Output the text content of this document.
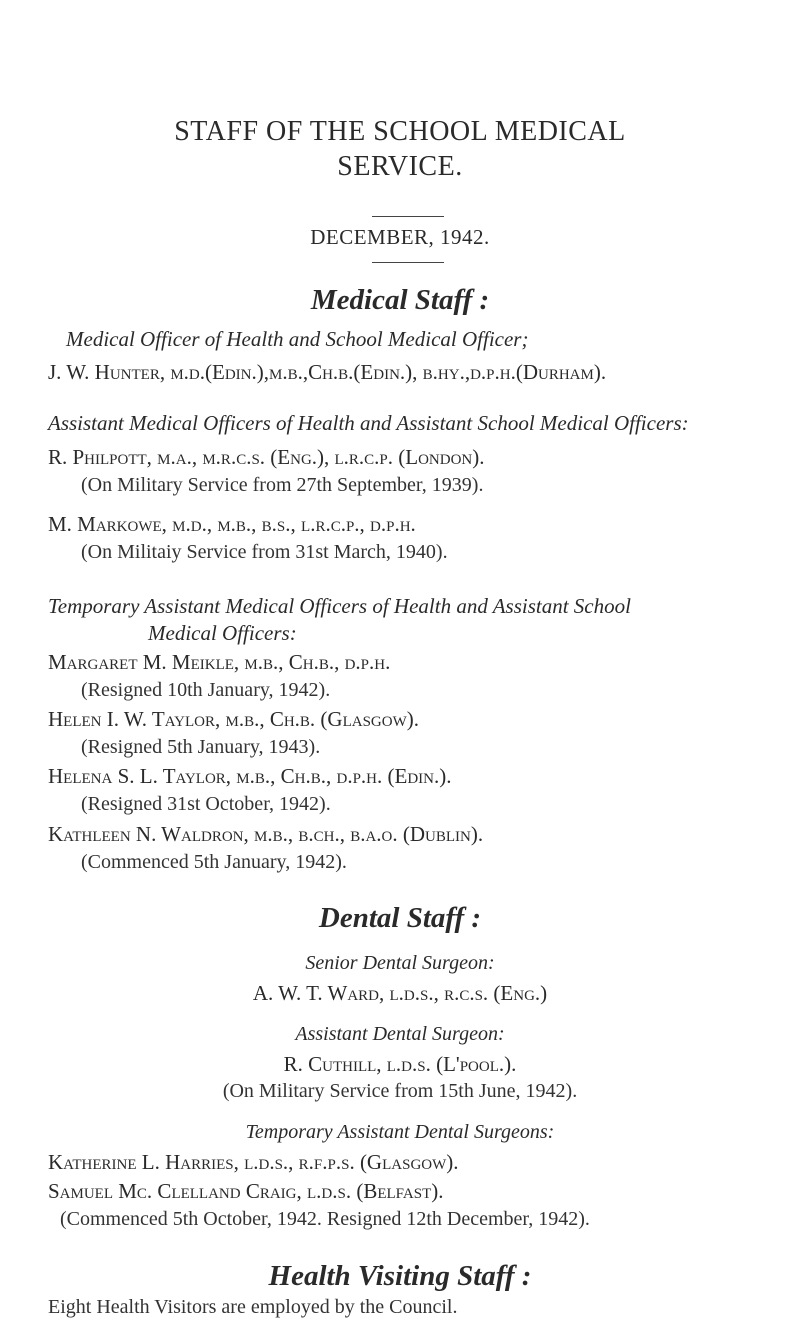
STAFF OF THE SCHOOL MEDICAL
SERVICE.
DECEMBER, 1942.
Medical Staff :
Medical Officer of Health and School Medical Officer;
J. W. Hunter, m.d.(Edin.),m.b.,Ch.b.(Edin.), b.hy.,d.p.h.(Durham).
Assistant Medical Officers of Health and Assistant School Medical Officers:
R. Philpott, m.a., m.r.c.s. (Eng.), l.r.c.p. (London).
(On Military Service from 27th September, 1939).
M. Markowe, m.d., m.b., b.s., l.r.c.p., d.p.h.
(On Militaiy Service from 31st March, 1940).
Temporary Assistant Medical Officers of Health and Assistant School
Medical Officers:
Margaret M. Meikle, m.b., Ch.b., d.p.h.
(Resigned 10th January, 1942).
Helen I. W. Taylor, m.b., Ch.b. (Glasgow).
(Resigned 5th January, 1943).
Helena S. L. Taylor, m.b., Ch.b., d.p.h. (Edin.).
(Resigned 31st October, 1942).
Kathleen N. Waldron, m.b., b.ch., b.a.o. (Dublin).
(Commenced 5th January, 1942).
Dental Staff :
Senior Dental Surgeon:
A. W. T. Ward, l.d.s., r.c.s. (Eng.)
Assistant Dental Surgeon:
R. Cuthill, l.d.s. (L'pool.).
(On Military Service from 15th June, 1942).
Temporary Assistant Dental Surgeons:
Katherine L. Harries, l.d.s., r.f.p.s. (Glasgow).
Samuel Mc. Clelland Craig, l.d.s. (Belfast).
(Commenced 5th October, 1942. Resigned 12th December, 1942).
Health Visiting Staff :
Eight Health Visitors are employed by the Council.
